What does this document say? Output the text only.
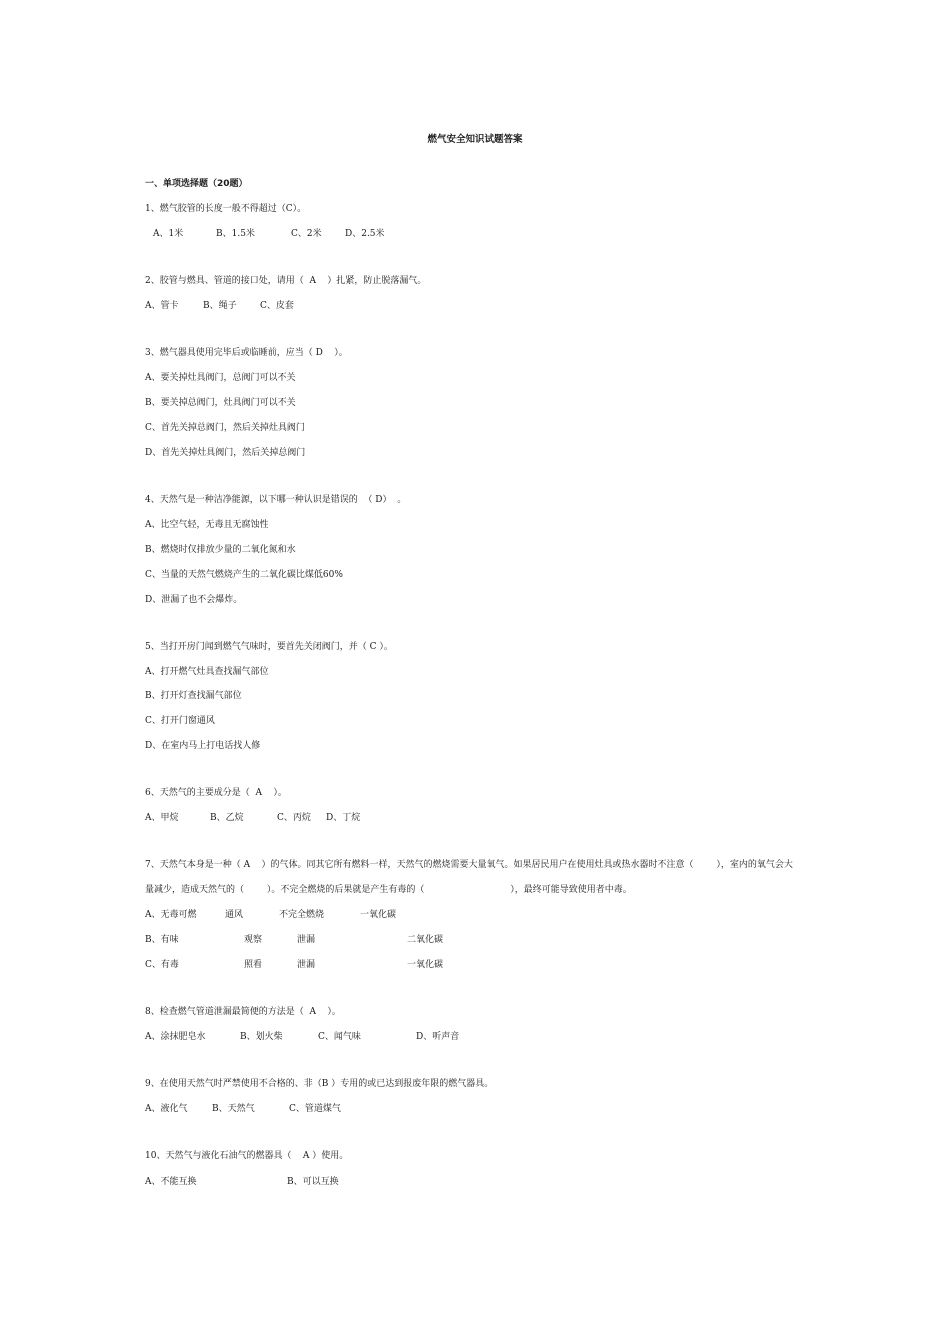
燃气安全知识试题答案
一、单项选择题（20题）
1、燃气胶管的长度一般不得超过（C）。
A、1米	B、1.5米	C、2米	D、2.5米
2、胶管与燃具、管道的接口处，请用（  A    ）扎紧，防止脱落漏气。
A、管卡	B、绳子	C、皮套
3、燃气器具使用完毕后或临睡前，应当（ D    ）。
A、要关掉灶具阀门，总阀门可以不关
B、要关掉总阀门，灶具阀门可以不关
C、首先关掉总阀门，然后关掉灶具阀门
D、首先关掉灶具阀门，然后关掉总阀门
4、天然气是一种洁净能源，以下哪一种认识是错误的  （ D）  。
A、比空气轻，无毒且无腐蚀性
B、燃烧时仅排放少量的二氧化氮和水
C、当量的天然气燃烧产生的二氧化碳比煤低60%
D、泄漏了也不会爆炸。
5、当打开房门闻到燃气气味时，要首先关闭阀门，并（ C ）。
A、打开燃气灶具查找漏气部位
B、打开灯查找漏气部位
C、打开门窗通风
D、在室内马上打电话找人修
6、天然气的主要成分是（  A    ）。
A、甲烷	B、乙烷	C、丙烷 D、丁烷
7、天然气本身是一种（ A    ）的气体。同其它所有燃料一样，天然气的燃烧需要大量氧气。如果居民用户在使用灶具或热水器时不注意（        ），室内的氧气会大
量减少，造成天然气的（        ）。不完全燃烧的后果就是产生有毒的（                              ），最终可能导致使用者中毒。
A、无毒可燃	通风	不完全燃烧	一氧化碳
B、有味	观察	泄漏	二氧化碳
C、有毒	照看	泄漏	一氧化碳
8、检查燃气管道泄漏最简便的方法是（  A    ）。
A、涂抹肥皂水	B、划火柴	C、闻气味	D、听声音
9、在使用天然气时严禁使用不合格的、非（B ）专用的或已达到报废年限的燃气器具。
A、液化气	B、天然气	C、管道煤气
10、天然气与液化石油气的燃器具（    A ）使用。
A、不能互换	B、可以互换
